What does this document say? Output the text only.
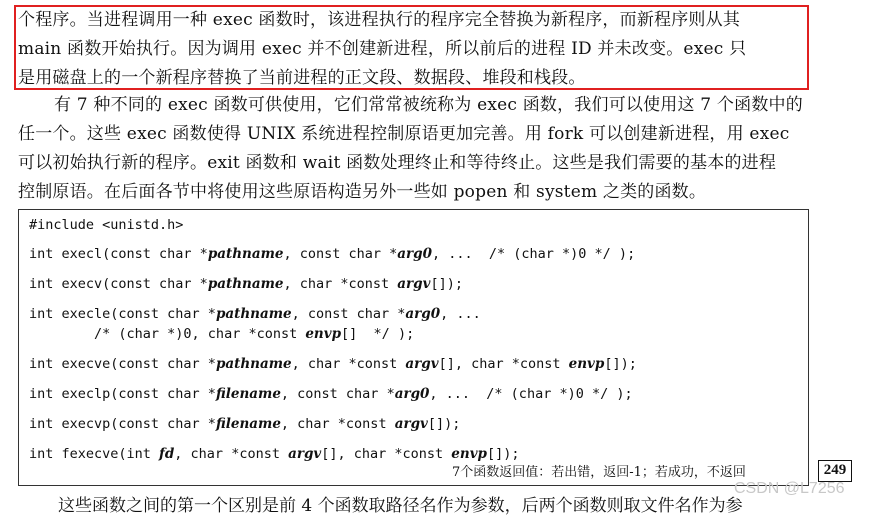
个程序。当进程调用一种 exec 函数时，该进程执行的程序完全替换为新程序，而新程序则从其
main 函数开始执行。因为调用 exec 并不创建新进程，所以前后的进程 ID 并未改变。exec 只
是用磁盘上的一个新程序替换了当前进程的正文段、数据段、堆段和栈段。
有 7 种不同的 exec 函数可供使用，它们常常被统称为 exec 函数，我们可以使用这 7 个函数中的
任一个。这些 exec 函数使得 UNIX 系统进程控制原语更加完善。用 fork 可以创建新进程，用 exec
可以初始执行新的程序。exit 函数和 wait 函数处理终止和等待终止。这些是我们需要的基本的进程
控制原语。在后面各节中将使用这些原语构造另外一些如 popen 和 system 之类的函数。
#include <unistd.h>
int execl(const char *pathname, const char *arg0, ...  /* (char *)0 */ );
int execv(const char *pathname, char *const argv[]);
int execle(const char *pathname, const char *arg0, ...
/* (char *)0, char *const envp[]  */ );
int execve(const char *pathname, char *const argv[], char *const envp[]);
int execlp(const char *filename, const char *arg0, ...  /* (char *)0 */ );
int execvp(const char *filename, char *const argv[]);
int fexecve(int fd, char *const argv[], char *const envp[]);
7个函数返回值：若出错，返回-1；若成功，不返回	249
这些函数之间的第一个区别是前 4 个函数取路径名作为参数，后两个函数则取文件名作为参
CSDN @L7256
